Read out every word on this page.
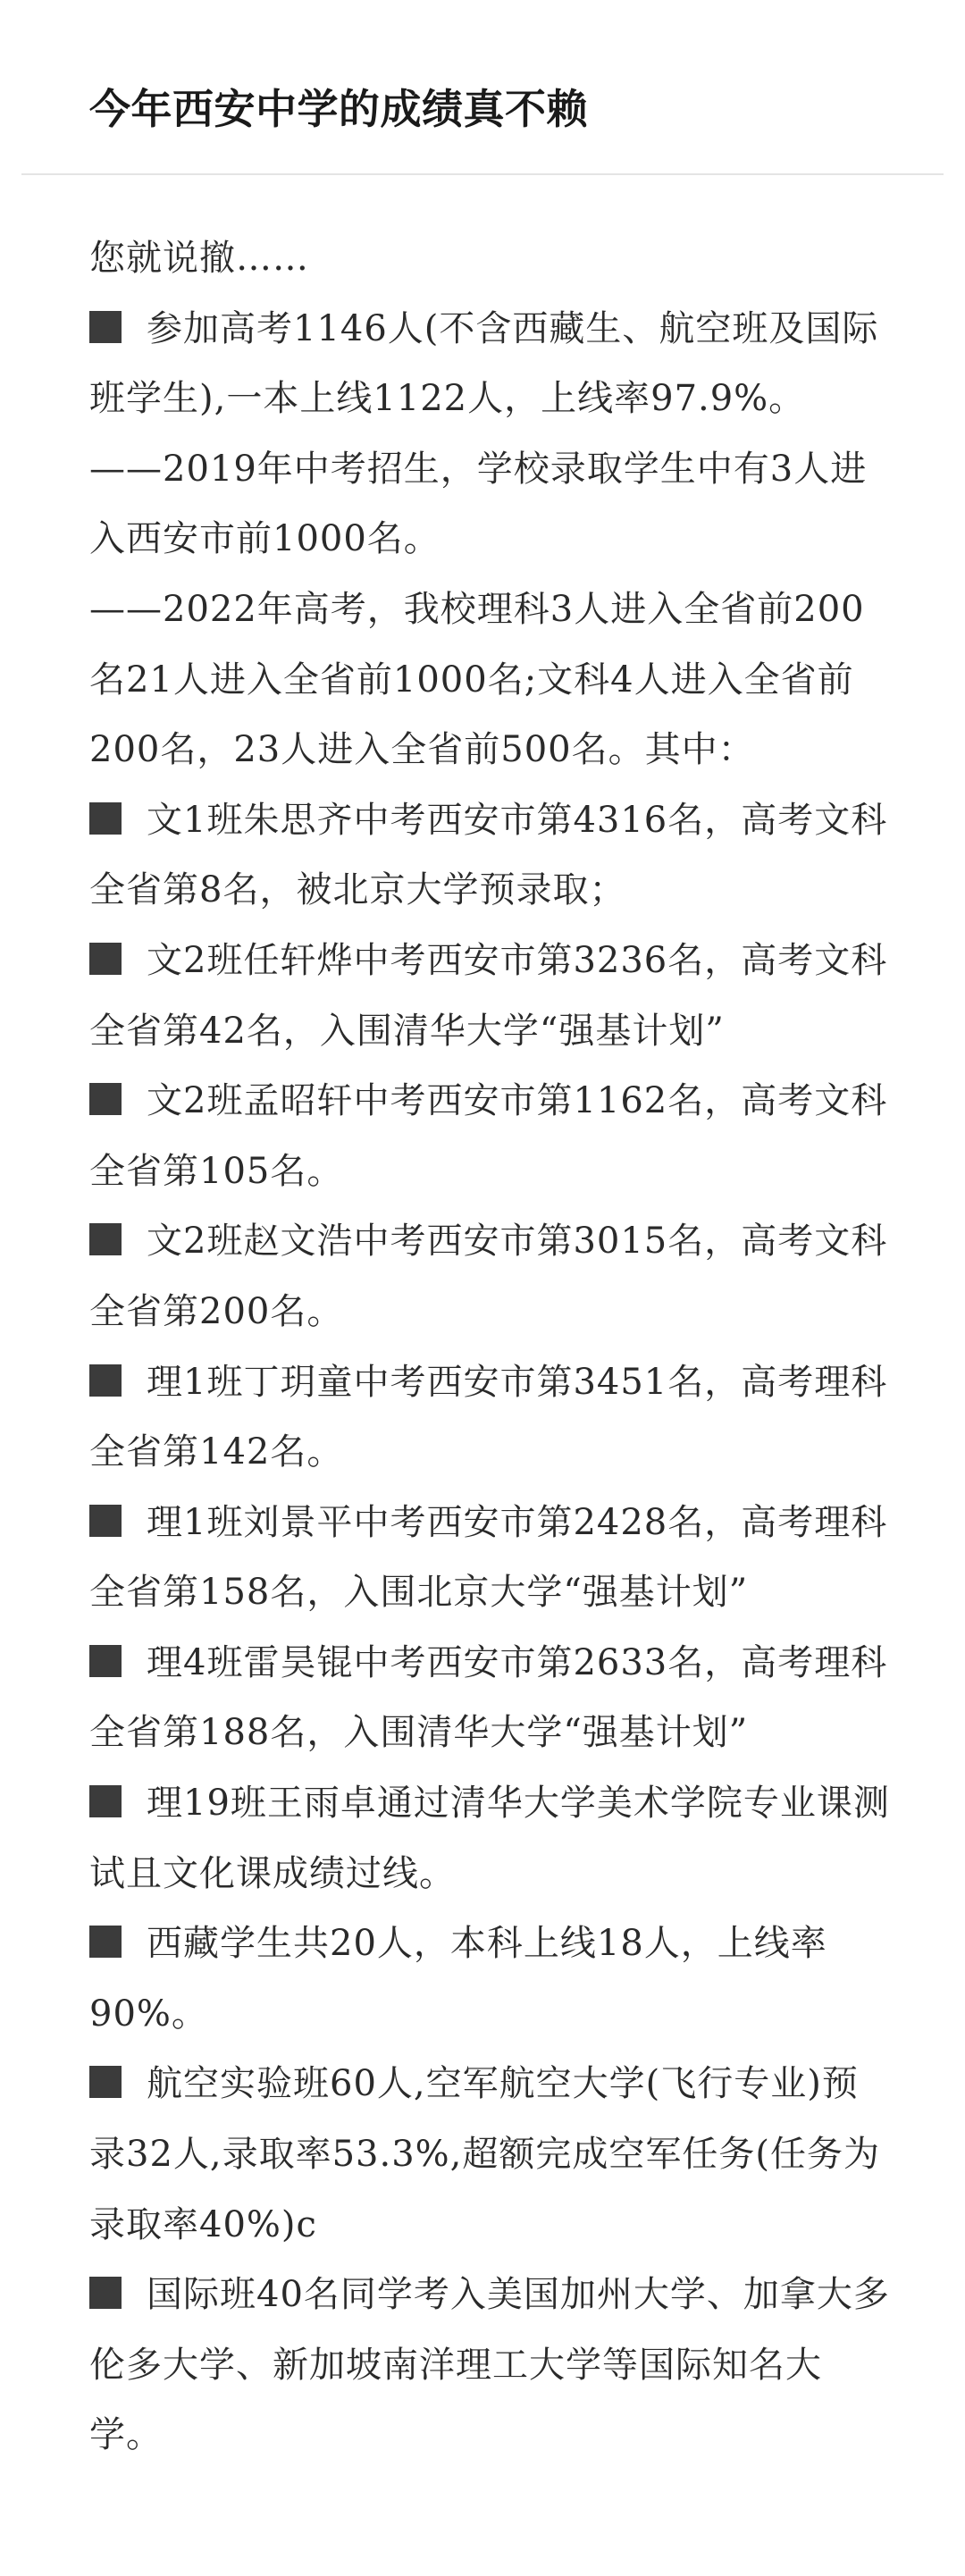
今年西安中学的成绩真不赖

您就说撤……

参加高考1146人(不含西藏生、航空班及国际班学生),一本上线1122人，上线率97.9%。

——2019年中考招生，学校录取学生中有3人进入西安市前1000名。

——2022年高考，我校理科3人进入全省前200名21人进入全省前1000名;文科4人进入全省前200名，23人进入全省前500名。其中：

文1班朱思齐中考西安市第4316名，高考文科全省第8名，被北京大学预录取；

文2班任轩烨中考西安市第3236名，高考文科全省第42名，入围清华大学“强基计划”

文2班孟昭轩中考西安市第1162名，高考文科全省第105名。

文2班赵文浩中考西安市第3015名，高考文科全省第200名。

理1班丁玥童中考西安市第3451名，高考理科全省第142名。

理1班刘景平中考西安市第2428名，高考理科全省第158名，入围北京大学“强基计划”

理4班雷昊锟中考西安市第2633名，高考理科全省第188名，入围清华大学“强基计划”

理19班王雨卓通过清华大学美术学院专业课测试且文化课成绩过线。

西藏学生共20人，本科上线18人，上线率90%。

航空实验班60人,空军航空大学(飞行专业)预录32人,录取率53.3%,超额完成空军任务(任务为录取率40%)c

国际班40名同学考入美国加州大学、加拿大多伦多大学、新加坡南洋理工大学等国际知名大学。
